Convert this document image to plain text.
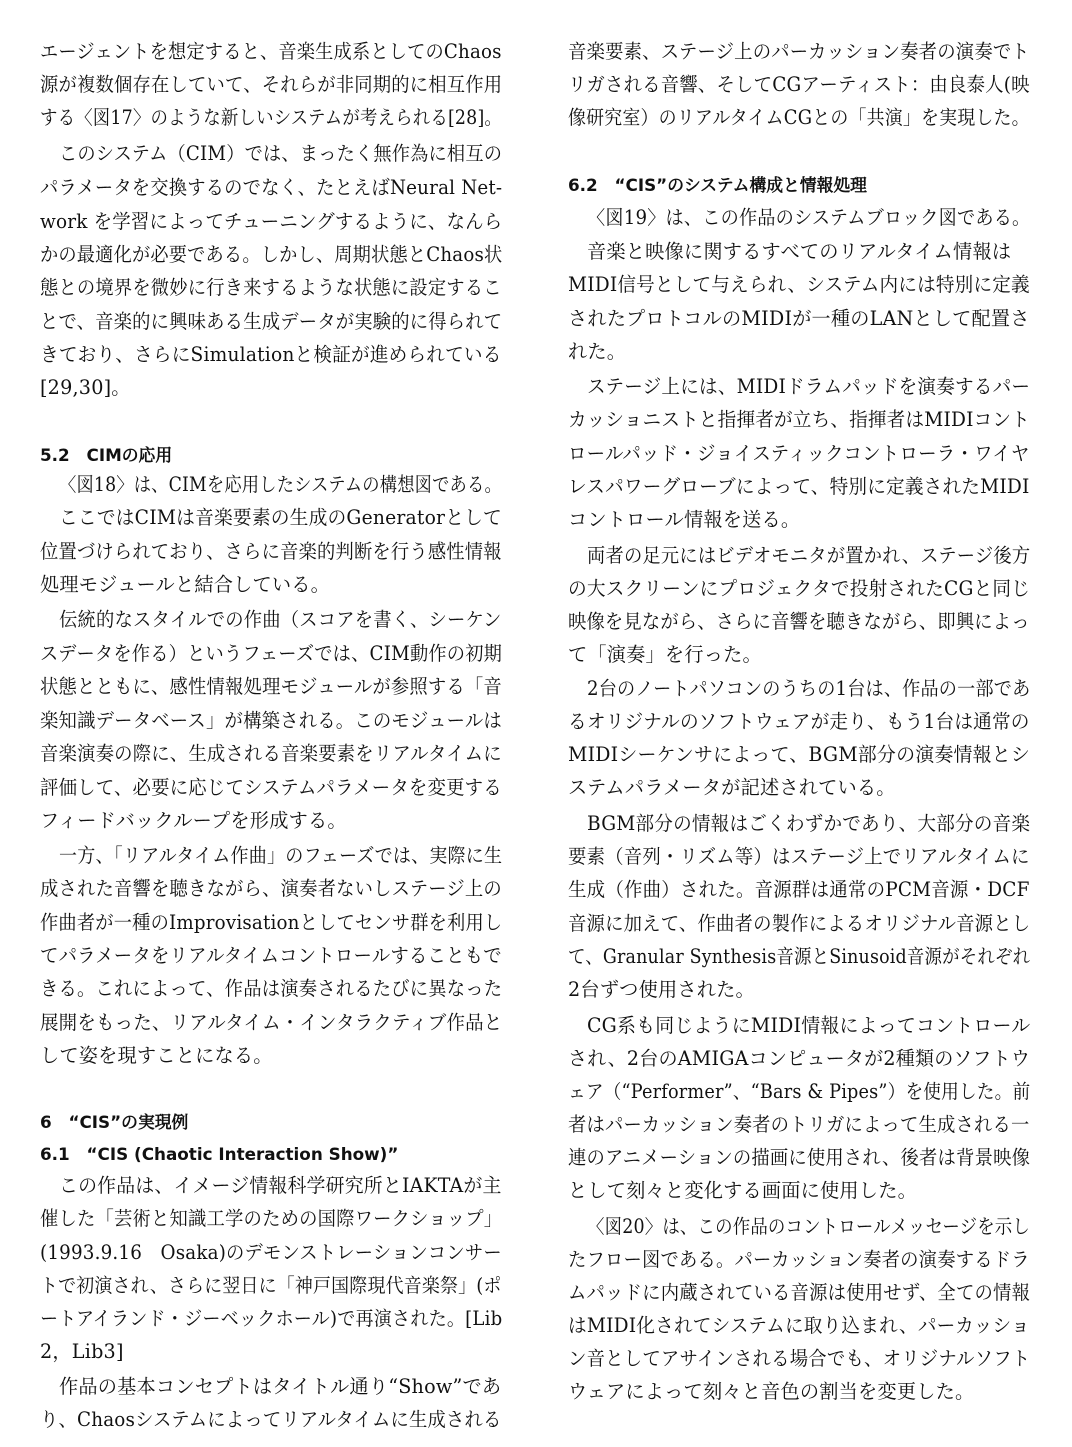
エージェントを想定すると、音楽生成系としてのChaos
源が複数個存在していて、それらが非同期的に相互作用
する〈図17〉のような新しいシステムが考えられる[28]。
このシステム（CIM）では、まったく無作為に相互の
パラメータを交換するのでなく、たとえばNeural Net-
work を学習によってチューニングするように、なんら
かの最適化が必要である。しかし、周期状態とChaos状
態との境界を微妙に行き来するような状態に設定するこ
とで、音楽的に興味ある生成データが実験的に得られて
きており、さらにSimulationと検証が進められている
[29,30]。
5.2　CIMの応用
〈図18〉は、CIMを応用したシステムの構想図である。
ここではCIMは音楽要素の生成のGeneratorとして
位置づけられており、さらに音楽的判断を行う感性情報
処理モジュールと結合している。
伝統的なスタイルでの作曲（スコアを書く、シーケン
スデータを作る）というフェーズでは、CIM動作の初期
状態とともに、感性情報処理モジュールが参照する「音
楽知識データベース」が構築される。このモジュールは
音楽演奏の際に、生成される音楽要素をリアルタイムに
評価して、必要に応じてシステムパラメータを変更する
フィードバックループを形成する。
一方、「リアルタイム作曲」のフェーズでは、実際に生
成された音響を聴きながら、演奏者ないしステージ上の
作曲者が一種のImprovisationとしてセンサ群を利用し
てパラメータをリアルタイムコントロールすることもで
きる。これによって、作品は演奏されるたびに異なった
展開をもった、リアルタイム・インタラクティブ作品と
して姿を現すことになる。
6　“CIS”の実現例
6.1　“CIS (Chaotic Interaction Show)”
この作品は、イメージ情報科学研究所とIAKTAが主
催した「芸術と知識工学のための国際ワークショップ」
(1993.9.16　Osaka)のデモンストレーションコンサー
トで初演され、さらに翌日に「神戸国際現代音楽祭」(ポ
ートアイランド・ジーベックホール)で再演された。[Lib
2，Lib3]
作品の基本コンセプトはタイトル通り“Show”であ
り、Chaosシステムによってリアルタイムに生成される
音楽要素、ステージ上のパーカッション奏者の演奏でト
リガされる音響、そしてCGアーティスト：由良泰人(映
像研究室）のリアルタイムCGとの「共演」を実現した。
6.2　“CIS”のシステム構成と情報処理
〈図19〉は、この作品のシステムブロック図である。
音楽と映像に関するすべてのリアルタイム情報は
MIDI信号として与えられ、システム内には特別に定義
されたプロトコルのMIDIが一種のLANとして配置さ
れた。
ステージ上には、MIDIドラムパッドを演奏するパー
カッショニストと指揮者が立ち、指揮者はMIDIコント
ロールパッド・ジョイスティックコントローラ・ワイヤ
レスパワーグローブによって、特別に定義されたMIDI
コントロール情報を送る。
両者の足元にはビデオモニタが置かれ、ステージ後方
の大スクリーンにプロジェクタで投射されたCGと同じ
映像を見ながら、さらに音響を聴きながら、即興によっ
て「演奏」を行った。
2台のノートパソコンのうちの1台は、作品の一部であ
るオリジナルのソフトウェアが走り、もう1台は通常の
MIDIシーケンサによって、BGM部分の演奏情報とシ
ステムパラメータが記述されている。
BGM部分の情報はごくわずかであり、大部分の音楽
要素（音列・リズム等）はステージ上でリアルタイムに
生成（作曲）された。音源群は通常のPCM音源・DCF
音源に加えて、作曲者の製作によるオリジナル音源とし
て、Granular Synthesis音源とSinusoid音源がそれぞれ
2台ずつ使用された。
CG系も同じようにMIDI情報によってコントロール
され、2台のAMIGAコンピュータが2種類のソフトウ
ェア（“Performer”、“Bars & Pipes”）を使用した。前
者はパーカッション奏者のトリガによって生成される一
連のアニメーションの描画に使用され、後者は背景映像
として刻々と変化する画面に使用した。
〈図20〉は、この作品のコントロールメッセージを示し
たフロー図である。パーカッション奏者の演奏するドラ
ムパッドに内蔵されている音源は使用せず、全ての情報
はMIDI化されてシステムに取り込まれ、パーカッショ
ン音としてアサインされる場合でも、オリジナルソフト
ウェアによって刻々と音色の割当を変更した。
